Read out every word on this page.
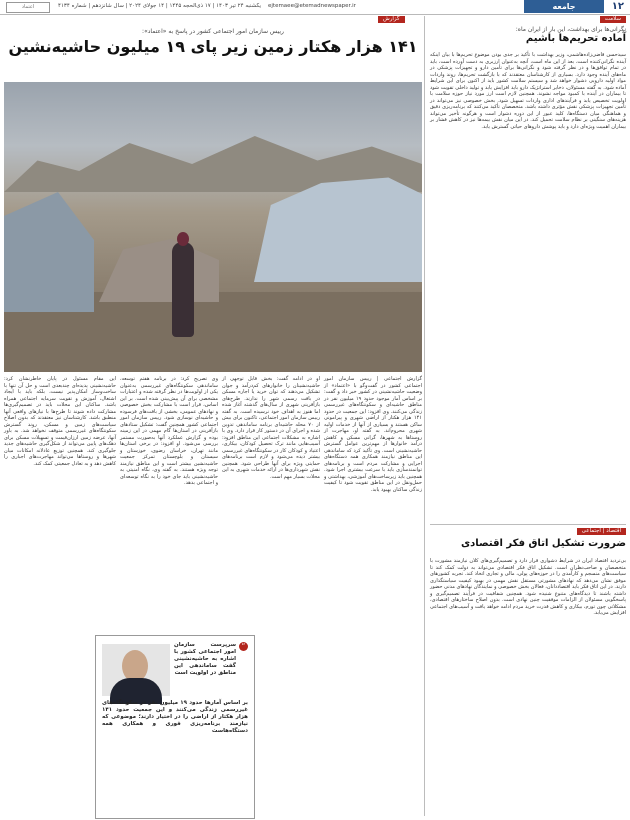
۱۲
جامعه
ejtemaee@etemadnewspaper.ir
یکشنبه ۲۴ تیر ۱۴۰۳ | ۱۷ ذی‌الحجه ۱۴۴۵ | ۱۴ جولای ۲۰۲۴ | سال شانزدهم | شماره ۴۱۳۴
اعتماد
سلامت
نگرانی‌ها برای بهداشت، این بار از ایران ماه:
آماده تحریم‌ها باشیم
سیدحسن قاضی‌زاده‌هاشمی، وزیر بهداشت با تأکید بر جدی بودن موضوع تحریم‌ها با بیان اینکه آینده نگرانی‌کننده است، بعد از این ماه است، آنچه به‌عنوان ارزبری به دست آورده است، باید در تمام توافق‌ها و در نظر گرفته شود و نگرانی‌ها برای تأمین دارو و تجهیزات پزشکی در ماه‌های آینده وجود دارد. بسیاری از کارشناسان معتقدند که با بازگشت تحریم‌ها، روند واردات مواد اولیه دارویی دشوار خواهد شد و سیستم سلامت کشور باید از اکنون برای این شرایط آماده شود. به گفته مسئولان، ذخایر استراتژیک دارو باید افزایش یابد و تولید داخلی تقویت شود تا بیماران در آینده با کمبود مواجه نشوند. همچنین لازم است ارز مورد نیاز حوزه سلامت با اولویت تخصیص یابد و فرآیندهای اداری واردات تسهیل شود. بخش خصوصی نیز می‌تواند در تأمین تجهیزات پزشکی نقش مؤثری داشته باشد. متخصصان تأکید می‌کنند که برنامه‌ریزی دقیق و هماهنگی میان دستگاه‌ها، کلید عبور از این دوره دشوار است و هرگونه تأخیر می‌تواند هزینه‌های سنگینی بر نظام سلامت تحمیل کند. در این میان نقش بیمه‌ها نیز در کاهش فشار بر بیماران اهمیت ویژه‌ای دارد و باید پوشش داروهای حیاتی گسترش یابد.
اقتصاد | اجتماعی
ضرورت تشکیل اتاق فکر اقتصادی
بی‌تردید اقتصاد ایران در شرایط دشواری قرار دارد و تصمیم‌گیری‌های کلان نیازمند مشورت با متخصصان و صاحب‌نظران است. تشکیل اتاق فکر اقتصادی می‌تواند به دولت کمک کند تا سیاست‌های منسجم و کارآمدی را در حوزه‌های پولی، مالی و تجاری اتخاذ کند. تجربه کشورهای موفق نشان می‌دهد که نهادهای مشورتی مستقل نقش مهمی در بهبود کیفیت سیاستگذاری دارند. در این اتاق فکر باید اقتصاددانان، فعالان بخش خصوصی و نمایندگان نهادهای مدنی حضور داشته باشند تا دیدگاه‌های متنوع شنیده شود. همچنین شفافیت در فرآیند تصمیم‌گیری و پاسخگویی مسئولان از الزامات موفقیت چنین نهادی است. بدون اصلاح ساختارهای اقتصادی، مشکلاتی چون تورم، بیکاری و کاهش قدرت خرید مردم ادامه خواهد یافت و آسیب‌های اجتماعی افزایش می‌یابد.
گزارش
رییس سازمان امور اجتماعی کشور در پاسخ به «اعتماد»:
۱۴۱ هزار هکتار زمین زیر پای ۱۹ میلیون حاشیه‌نشین
گزارش اجتماعی | رییس سازمان امور اجتماعی کشور در گفت‌وگو با «اعتماد» از وضعیت حاشیه‌نشینی در کشور خبر داد و گفت: بر اساس آمار موجود حدود ۱۹ میلیون نفر در مناطق حاشیه‌ای و سکونتگاه‌های غیررسمی زندگی می‌کنند. وی افزود: این جمعیت در حدود ۱۴۱ هزار هکتار از اراضی شهری و پیرامونی ساکن هستند و بسیاری از آنها از خدمات اولیه شهری محروم‌اند. به گفته او، مهاجرت از روستاها به شهرها، گرانی مسکن و کاهش درآمد خانوارها از مهم‌ترین عوامل گسترش حاشیه‌نشینی است. وی تأکید کرد که ساماندهی این مناطق نیازمند همکاری همه دستگاه‌های اجرایی و مشارکت مردم است و برنامه‌های توانمندسازی باید با سرعت بیشتری اجرا شود. همچنین باید زیرساخت‌های آموزشی، بهداشتی و حمل‌ونقل در این مناطق تقویت شود تا کیفیت زندگی ساکنان بهبود یابد.
او در ادامه گفت: بخش قابل توجهی از حاشیه‌نشینان را خانوارهای کم‌درآمد و جوان تشکیل می‌دهند که توان خرید یا اجاره مسکن در بافت رسمی شهر را ندارند. طرح‌های بازآفرینی شهری از سال‌های گذشته آغاز شده اما هنوز به اهداف خود نرسیده است. به گفته رییس سازمان امور اجتماعی، تاکنون برای بیش از ۷۰ محله حاشیه‌ای برنامه ساماندهی تدوین شده و اجرای آن در دستور کار قرار دارد. وی با اشاره به مشکلات اجتماعی این مناطق افزود: آسیب‌هایی مانند ترک تحصیل کودکان، بیکاری، اعتیاد و کودکان کار در سکونتگاه‌های غیررسمی بیشتر دیده می‌شود و لازم است برنامه‌های حمایتی ویژه برای آنها طراحی شود. همچنین نقش شهرداری‌ها در ارائه خدمات شهری به این محلات بسیار مهم است.
وی تصریح کرد: در برنامه هفتم توسعه، ساماندهی سکونتگاه‌های غیررسمی به‌عنوان یکی از اولویت‌ها در نظر گرفته شده و اعتبارات مشخصی برای آن پیش‌بینی شده است. بر این اساس، قرار است با مشارکت بخش خصوصی و نهادهای عمومی، بخشی از بافت‌های فرسوده و حاشیه‌ای نوسازی شود. رییس سازمان امور اجتماعی کشور همچنین گفت: تشکیل ستادهای بازآفرینی در استان‌ها گام مهمی در این زمینه بوده و گزارش عملکرد آنها به‌صورت مستمر بررسی می‌شود. او افزود: در برخی استان‌ها مانند تهران، خراسان رضوی، خوزستان و سیستان و بلوچستان تمرکز جمعیت حاشیه‌نشین بیشتر است و این مناطق نیازمند توجه ویژه هستند. به گفته وی، نگاه امنیتی به حاشیه‌نشینی باید جای خود را به نگاه توسعه‌ای و اجتماعی بدهد.
این مقام مسئول در پایان خاطرنشان کرد: حاشیه‌نشینی پدیده‌ای چندبعدی است و حل آن تنها با ساخت‌وساز امکان‌پذیر نیست، بلکه باید با ایجاد اشتغال، آموزش و تقویت سرمایه اجتماعی همراه باشد. ساکنان این محلات باید در تصمیم‌گیری‌ها مشارکت داده شوند تا طرح‌ها با نیازهای واقعی آنها منطبق باشد. کارشناسان نیز معتقدند که بدون اصلاح سیاست‌های زمین و مسکن، روند گسترش سکونتگاه‌های غیررسمی متوقف نخواهد شد. به باور آنها، عرضه زمین ارزان‌قیمت و تسهیلات مسکن برای دهک‌های پایین می‌تواند از شکل‌گیری حاشیه‌های جدید جلوگیری کند. همچنین توزیع عادلانه امکانات میان شهرها و روستاها می‌تواند مهاجرت‌های اجباری را کاهش دهد و به تعادل جمعیتی کمک کند.
“
سرپرست سازمان امور اجتماعی کشور با اشاره به حاشیه‌نشینی گفت ساماندهی این مناطق در اولویت است
بر اساس آمارها حدود ۱۹ میلیون نفر در سکونتگاه‌های غیررسمی زندگی می‌کنند و این جمعیت حدود ۱۴۱ هزار هکتار از اراضی را در اختیار دارند؛ موضوعی که نیازمند برنامه‌ریزی فوری و همکاری همه دستگاه‌هاست
